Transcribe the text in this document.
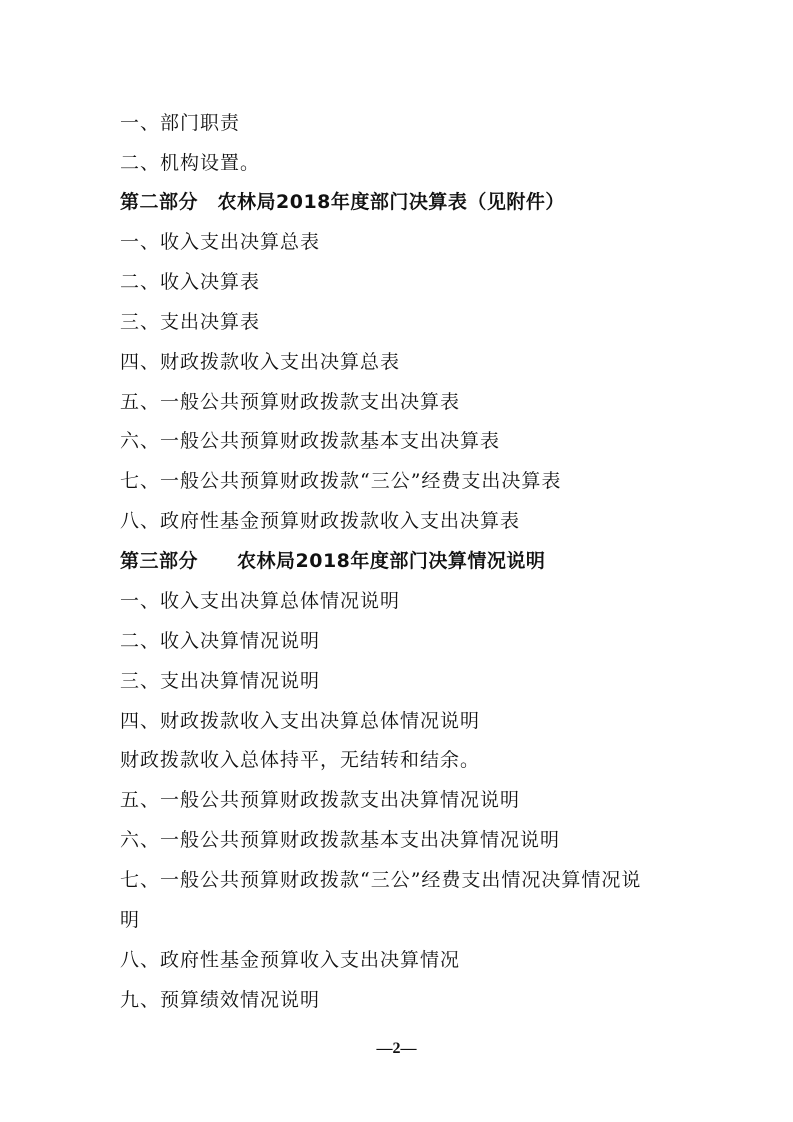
一、部门职责
二、机构设置。
第二部分　农林局2018年度部门决算表（见附件）
一、收入支出决算总表
二、收入决算表
三、支出决算表
四、财政拨款收入支出决算总表
五、一般公共预算财政拨款支出决算表
六、一般公共预算财政拨款基本支出决算表
七、一般公共预算财政拨款“三公”经费支出决算表
八、政府性基金预算财政拨款收入支出决算表
第三部分　　农林局2018年度部门决算情况说明
一、收入支出决算总体情况说明
二、收入决算情况说明
三、支出决算情况说明
四、财政拨款收入支出决算总体情况说明
财政拨款收入总体持平，无结转和结余。
五、一般公共预算财政拨款支出决算情况说明
六、一般公共预算财政拨款基本支出决算情况说明
七、一般公共预算财政拨款“三公”经费支出情况决算情况说
明
八、政府性基金预算收入支出决算情况
九、预算绩效情况说明
—2—
